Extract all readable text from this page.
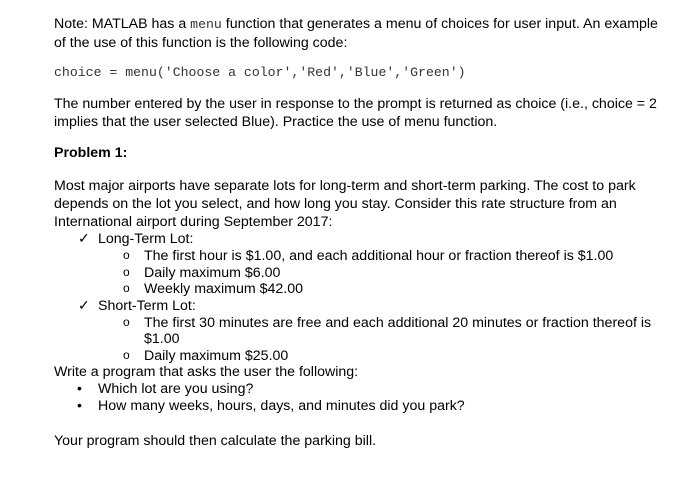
Note: MATLAB has a menu function that generates a menu of choices for user input. An example of the use of this function is the following code:

choice = menu('Choose a color','Red','Blue','Green')

The number entered by the user in response to the prompt is returned as choice (i.e., choice = 2 implies that the user selected Blue). Practice the use of menu function.

Problem 1:

Most major airports have separate lots for long-term and short-term parking. The cost to park depends on the lot you select, and how long you stay. Consider this rate structure from an International airport during September 2017:

✓ Long-Term Lot:
o The first hour is $1.00, and each additional hour or fraction thereof is $1.00
o Daily maximum $6.00
o Weekly maximum $42.00
✓ Short-Term Lot:
o The first 30 minutes are free and each additional 20 minutes or fraction thereof is $1.00
o Daily maximum $25.00
Write a program that asks the user the following:
• Which lot are you using?
• How many weeks, hours, days, and minutes did you park?

Your program should then calculate the parking bill.
